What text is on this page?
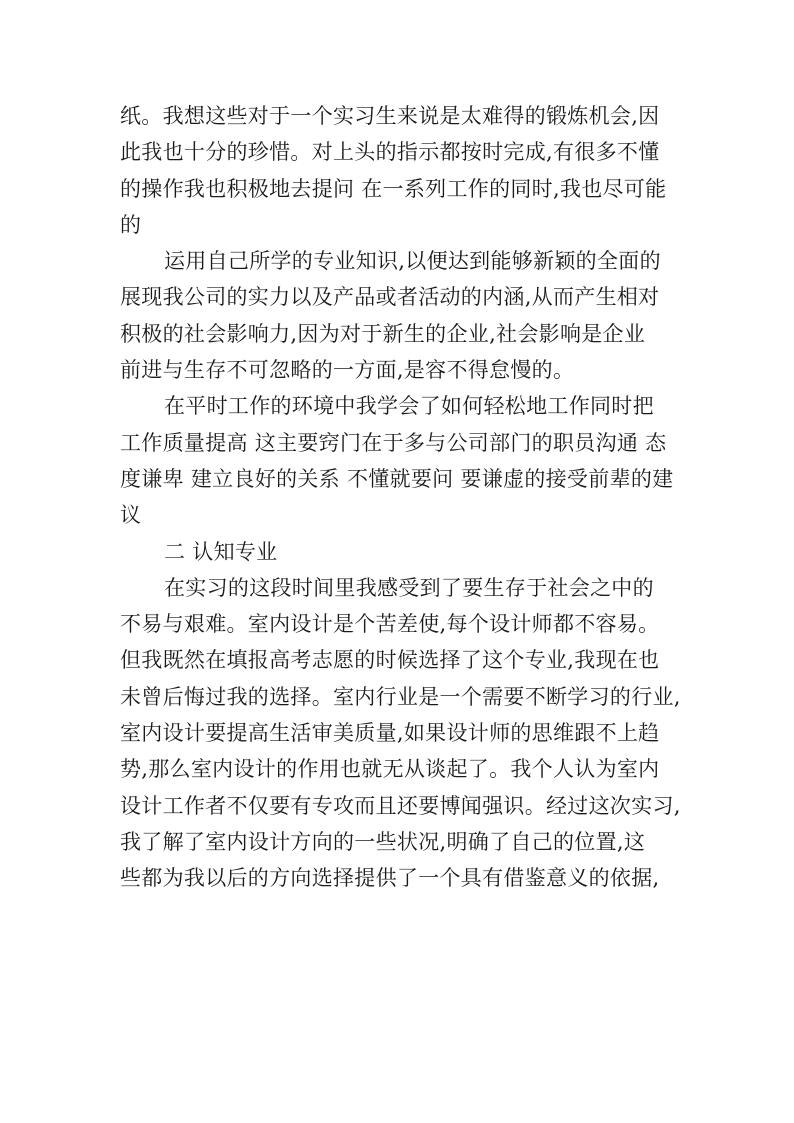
纸。我想这些对于一个实习生来说是太难得的锻炼机会,因
此我也十分的珍惜。对上头的指示都按时完成,有很多不懂
的操作我也积极地去提问 在一系列工作的同时,我也尽可能
的
运用自己所学的专业知识,以便达到能够新颖的全面的
展现我公司的实力以及产品或者活动的内涵,从而产生相对
积极的社会影响力,因为对于新生的企业,社会影响是企业
前进与生存不可忽略的一方面,是容不得怠慢的。
在平时工作的环境中我学会了如何轻松地工作同时把
工作质量提高 这主要窍门在于多与公司部门的职员沟通 态
度谦卑 建立良好的关系 不懂就要问 要谦虚的接受前辈的建
议
二 认知专业
在实习的这段时间里我感受到了要生存于社会之中的
不易与艰难。室内设计是个苦差使,每个设计师都不容易。
但我既然在填报高考志愿的时候选择了这个专业,我现在也
未曾后悔过我的选择。室内行业是一个需要不断学习的行业,
室内设计要提高生活审美质量,如果设计师的思维跟不上趋
势,那么室内设计的作用也就无从谈起了。我个人认为室内
设计工作者不仅要有专攻而且还要博闻强识。经过这次实习,
我了解了室内设计方向的一些状况,明确了自己的位置,这
些都为我以后的方向选择提供了一个具有借鉴意义的依据,
